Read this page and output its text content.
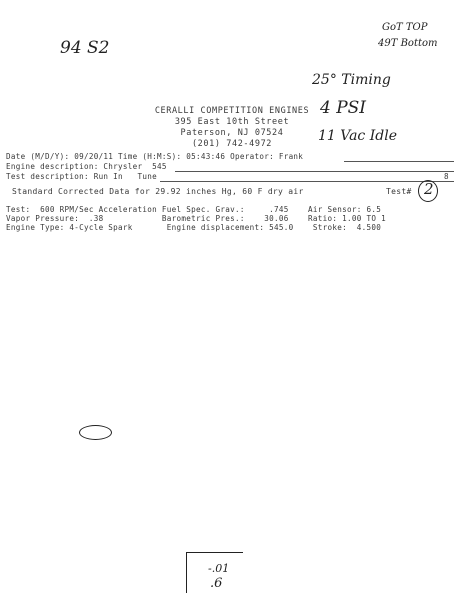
94 S2
GoT TOP
49T Bottom
25° Timing
4 PSI
11 Vac Idle
-.01
.6
CERALLI COMPETITION ENGINES
395 East 10th Street
Paterson, NJ 07524
(201) 742-4972
Date (M/D/Y): 09/20/11 Time (H:M:S): 05:43:46 Operator: Frank
Engine description: Chrysler  545
Test description: Run In   Tune	8
Standard Corrected Data for 29.92 inches Hg, 60 F dry air	Test# 2
Test:  600 RPM/Sec Acceleration Fuel Spec. Grav.:     .745    Air Sensor: 6.5
Vapor Pressure:  .38            Barometric Pres.:    30.06    Ratio: 1.00 TO 1
Engine Type: 4-Cycle Spark       Engine displacement: 545.0    Stroke:  4.500
